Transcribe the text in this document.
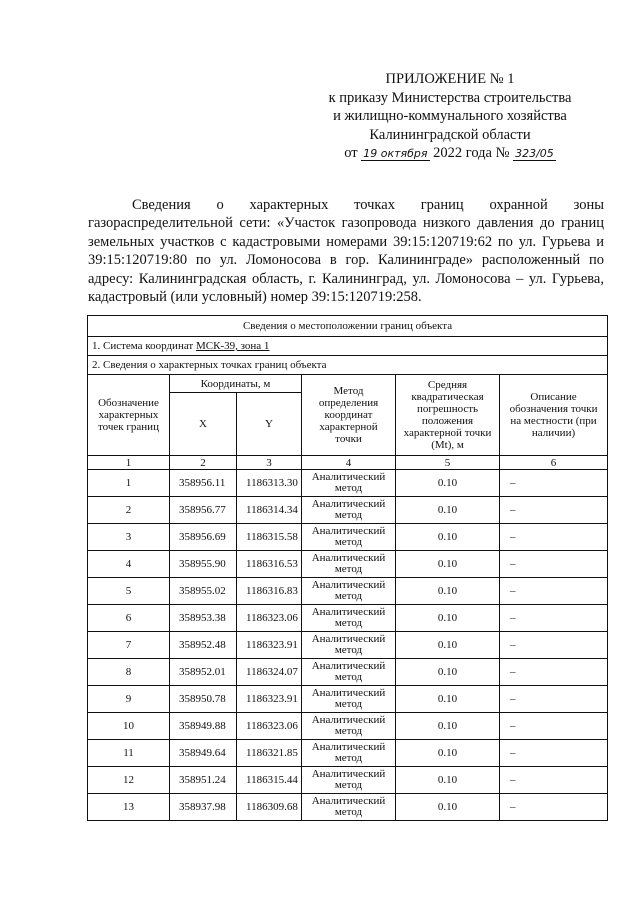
ПРИЛОЖЕНИЕ № 1
к приказу Министерства строительства
и жилищно-коммунального хозяйства
Калининградской области
от 19 октября 2022 года № 323/05
Сведения о характерных точках границ охранной зоны газораспределительной сети: «Участок газопровода низкого давления до границ земельных участков с кадастровыми номерами 39:15:120719:62 по ул. Гурьева и 39:15:120719:80 по ул. Ломоносова в гор. Калининграде» расположенный по адресу: Калининградская область, г. Калининград, ул. Ломоносова – ул. Гурьева, кадастровый (или условный) номер 39:15:120719:258.
Сведения о местоположении границ объекта					
1. Система координат МСК-39, зона 1					
2. Сведения о характерных точках границ объекта					
Обозначение характерных точек границ	Координаты, м		Метод определения координат характерной точки	Средняя квадратическая погрешность положения характерной точки (Mt), м	Описание обозначения точки на местности (при наличии)
	X	Y			
1	2	3	4	5	6
1	358956.11	1186313.30	Аналитический метод	0.10	–
2	358956.77	1186314.34	Аналитический метод	0.10	–
3	358956.69	1186315.58	Аналитический метод	0.10	–
4	358955.90	1186316.53	Аналитический метод	0.10	–
5	358955.02	1186316.83	Аналитический метод	0.10	–
6	358953.38	1186323.06	Аналитический метод	0.10	–
7	358952.48	1186323.91	Аналитический метод	0.10	–
8	358952.01	1186324.07	Аналитический метод	0.10	–
9	358950.78	1186323.91	Аналитический метод	0.10	–
10	358949.88	1186323.06	Аналитический метод	0.10	–
11	358949.64	1186321.85	Аналитический метод	0.10	–
12	358951.24	1186315.44	Аналитический метод	0.10	–
13	358937.98	1186309.68	Аналитический метод	0.10	–
